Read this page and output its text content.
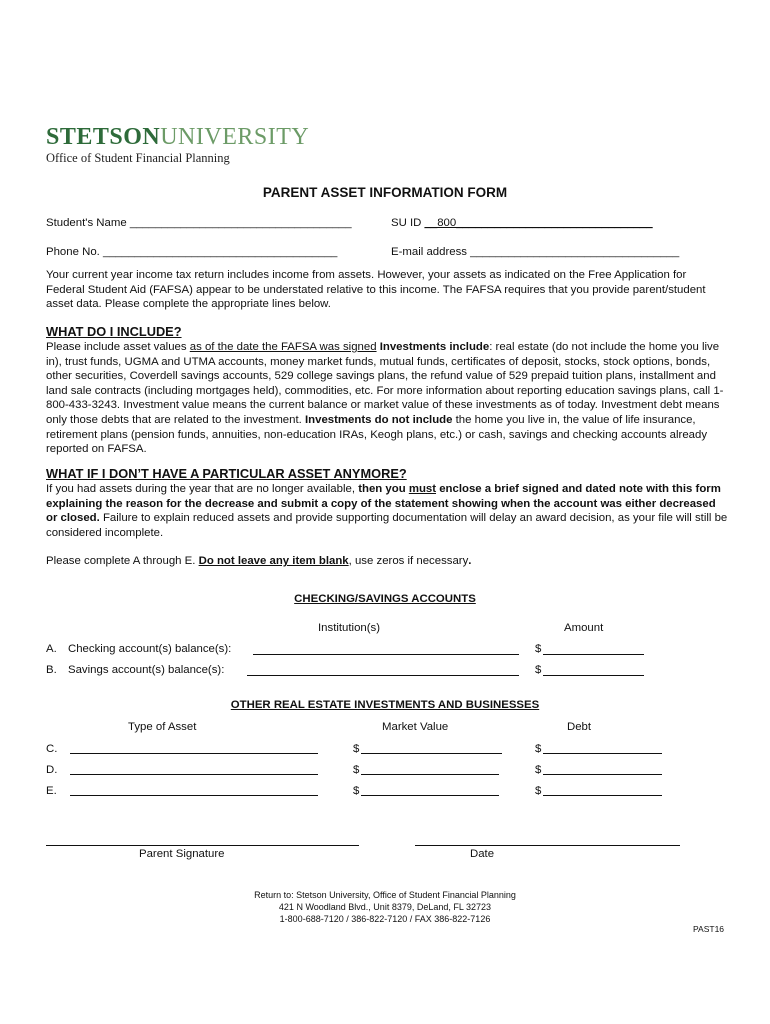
STETSONUNIVERSITY
Office of Student Financial Planning
PARENT ASSET INFORMATION FORM
Student's Name ___________________________________	SU ID __800_______________________________
Phone No. _____________________________________	E-mail address _________________________________
Your current year income tax return includes income from assets. However, your assets as indicated on the Free Application for Federal Student Aid (FAFSA) appear to be understated relative to this income. The FAFSA requires that you provide parent/student asset data. Please complete the appropriate lines below.
WHAT DO I INCLUDE?
Please include asset values as of the date the FAFSA was signed Investments include: real estate (do not include the home you live in), trust funds, UGMA and UTMA accounts, money market funds, mutual funds, certificates of deposit, stocks, stock options, bonds, other securities, Coverdell savings accounts, 529 college savings plans, the refund value of 529 prepaid tuition plans, installment and land sale contracts (including mortgages held), commodities, etc. For more information about reporting education savings plans, call 1-800-433-3243. Investment value means the current balance or market value of these investments as of today. Investment debt means only those debts that are related to the investment. Investments do not include the home you live in, the value of life insurance, retirement plans (pension funds, annuities, non-education IRAs, Keogh plans, etc.) or cash, savings and checking accounts already reported on FAFSA.
WHAT IF I DON’T HAVE A PARTICULAR ASSET ANYMORE?
If you had assets during the year that are no longer available, then you must enclose a brief signed and dated note with this form explaining the reason for the decrease and submit a copy of the statement showing when the account was either decreased or closed. Failure to explain reduced assets and provide supporting documentation will delay an award decision, as your file will still be considered incomplete.
Please complete A through E. Do not leave any item blank, use zeros if necessary.
CHECKING/SAVINGS ACCOUNTS
Institution(s)	Amount
A. Checking account(s) balance(s):	$
B. Savings account(s) balance(s):	$
OTHER REAL ESTATE INVESTMENTS AND BUSINESSES
Type of Asset	Market Value	Debt
C.	$	$
D.	$	$
E.	$	$
Parent Signature	Date
Return to: Stetson University, Office of Student Financial Planning
421 N Woodland Blvd., Unit 8379, DeLand, FL 32723
1-800-688-7120 / 386-822-7120 / FAX 386-822-7126
PAST16
